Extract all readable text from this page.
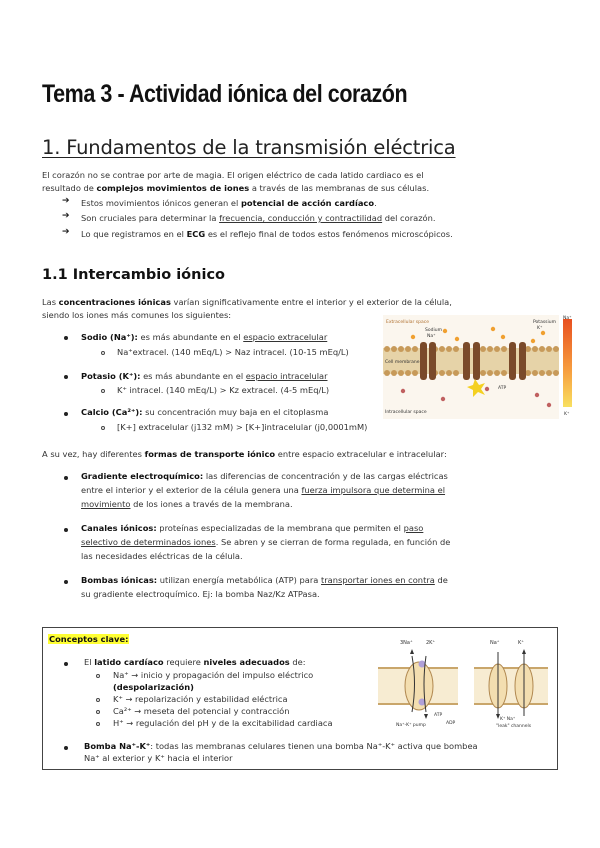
Tema 3 - Actividad iónica del corazón
1. Fundamentos de la transmisión eléctrica
El corazón no se contrae por arte de magia. El origen eléctrico de cada latido cardiaco es el
resultado de complejos movimientos de iones a través de las membranas de sus células.
➔ Estos movimientos iónicos generan el potencial de acción cardíaco.
➔ Son cruciales para determinar la frecuencia, conducción y contractilidad del corazón.
➔ Lo que registramos en el ECG es el reflejo final de todos estos fenómenos microscópicos.
1.1 Intercambio iónico
Las concentraciones iónicas varían significativamente entre el interior y el exterior de la célula,
siendo los iones más comunes los siguientes:
Sodio (Na⁺): es más abundante en el espacio extracelular
Na⁺extracel. (140 mEq/L) > Naz intracel. (10-15 mEq/L)
Potasio (K⁺): es más abundante en el espacio intracelular
K⁺ intracel. (140 mEq/L) > Kz extracel. (4-5 mEq/L)
Calcio (Ca²⁺): su concentración muy baja en el citoplasma
[K+] extracelular (j132 mM) > [K+]intracelular (j0,0001mM)
Extracellular space
Sodium
Na⁺
Potassium
K⁺
Cell membrane
ATP
Intracellular space
Na⁺
K⁺
A su vez, hay diferentes formas de transporte iónico entre espacio extracelular e intracelular:
Gradiente electroquímico: las diferencias de concentración y de las cargas eléctricas
entre el interior y el exterior de la célula genera una fuerza impulsora que determina el
movimiento de los iones a través de la membrana.
Canales iónicos: proteínas especializadas de la membrana que permiten el paso
selectivo de determinados iones. Se abren y se cierran de forma regulada, en función de
las necesidades eléctricas de la célula.
Bombas iónicas: utilizan energía metabólica (ATP) para transportar iones en contra de
su gradiente electroquímico. Ej: la bomba Naz/Kz ATPasa.
Conceptos clave:
El latido cardíaco requiere niveles adecuados de:
Na⁺ → inicio y propagación del impulso eléctrico
(despolarización)
K⁺ → repolarización y estabilidad eléctrica
Ca²⁺ → meseta del potencial y contracción
H⁺ → regulación del pH y de la excitabilidad cardiaca
Bomba Na⁺-K⁺: todas las membranas celulares tienen una bomba Na⁺-K⁺ activa que bombea
Na⁺ al exterior y K⁺ hacia el interior
3Na⁺	2K⁺
Na⁺-K⁺ pump
ATP
ADP
Na⁺	K⁺
K⁺ Na⁺
"leak" channels
